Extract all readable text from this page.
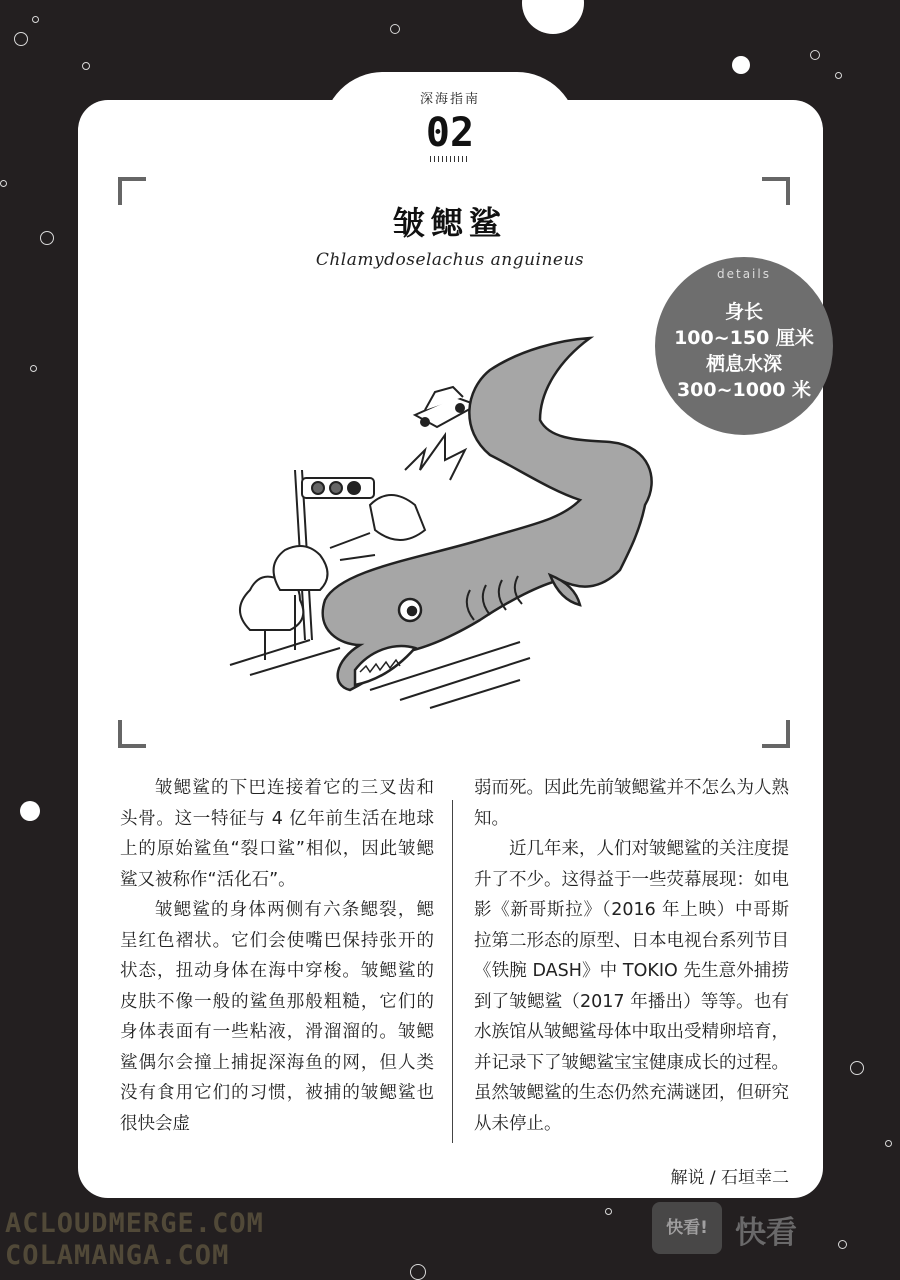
深海指南
02
皱鳃鲨
Chlamydoselachus anguineus
details
身长
100~150 厘米
栖息水深
300~1000 米

皱鳃鲨的下巴连接着它的三叉齿和头骨。这一特征与 4 亿年前生活在地球上的原始鲨鱼“裂口鲨”相似，因此皱鳃鲨又被称作“活化石”。

皱鳃鲨的身体两侧有六条鳃裂，鳃呈红色褶状。它们会使嘴巴保持张开的状态，扭动身体在海中穿梭。皱鳃鲨的皮肤不像一般的鲨鱼那般粗糙，它们的身体表面有一些粘液，滑溜溜的。皱鳃鲨偶尔会撞上捕捉深海鱼的网，但人类没有食用它们的习惯，被捕的皱鳃鲨也很快会虚

弱而死。因此先前皱鳃鲨并不怎么为人熟知。

近几年来，人们对皱鳃鲨的关注度提升了不少。这得益于一些荧幕展现：如电影《新哥斯拉》（2016 年上映）中哥斯拉第二形态的原型、日本电视台系列节目《铁腕 DASH》中 TOKIO 先生意外捕捞到了皱鳃鲨（2017 年播出）等等。也有水族馆从皱鳃鲨母体中取出受精卵培育，并记录下了皱鳃鲨宝宝健康成长的过程。虽然皱鳃鲨的生态仍然充满谜团，但研究从未停止。

解说 / 石垣幸二
ACLOUDMERGE.COM
COLAMANGA.COM
快看! 快看
